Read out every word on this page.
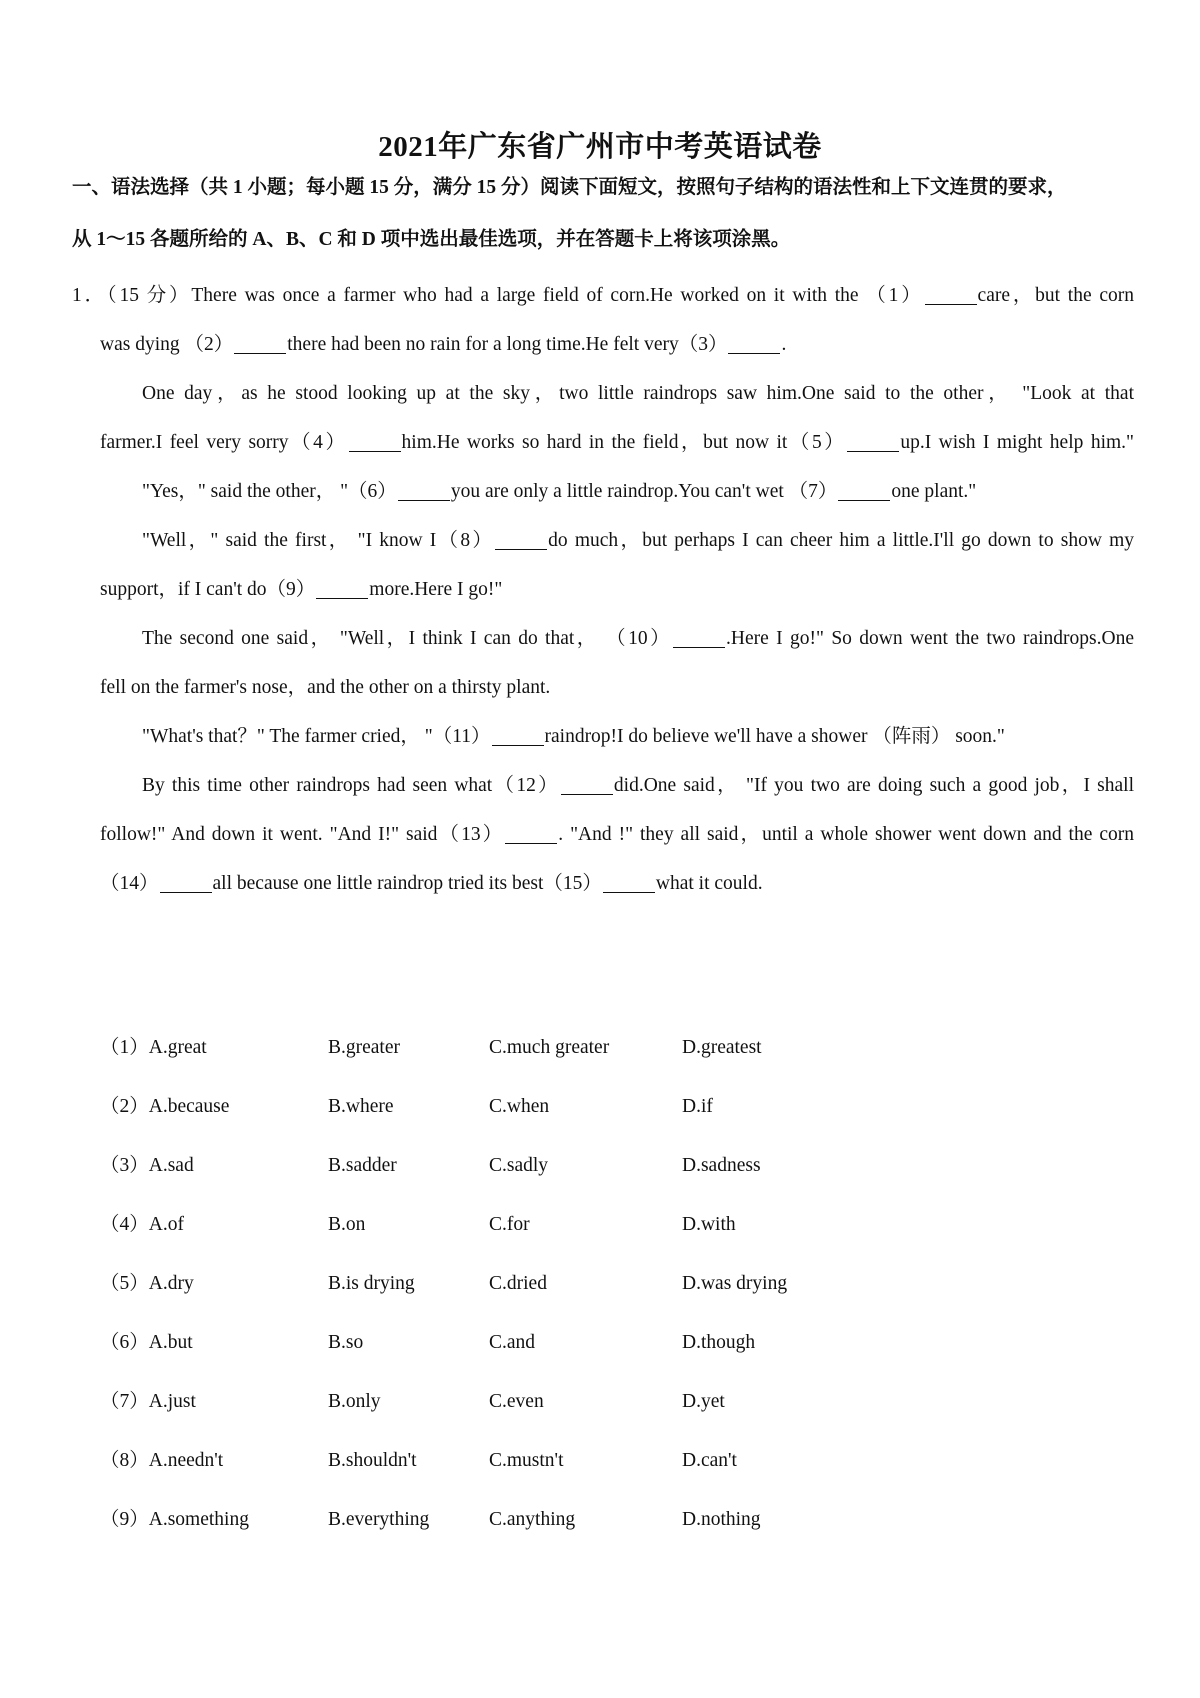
2021年广东省广州市中考英语试卷
一、语法选择（共 1 小题；每小题 15 分，满分 15 分）阅读下面短文，按照句子结构的语法性和上下文连贯的要求，
从 1～15 各题所给的 A、B、C 和 D 项中选出最佳选项，并在答题卡上将该项涂黑。
1．（15 分）There was once a farmer who had a large field of corn.He worked on it with the （1）	care，but the corn
was dying （2）	there had been no rain for a long time.He felt very（3）	.
One day，as he stood looking up at the sky，two little raindrops saw him.One said to the other， "Look at that
farmer.I feel very sorry（4）	him.He works so hard in the field，but now it（5）	up.I wish I might help him."
"Yes，" said the other， "（6）	you are only a little raindrop.You can't wet （7）	one plant."
"Well，" said the first， "I know I（8）	do much，but perhaps I can cheer him a little.I'll go down to show my
support，if I can't do（9）	more.Here I go!"
The second one said， "Well，I think I can do that， （10）	.Here I go!" So down went the two raindrops.One
fell on the farmer's nose，and the other on a thirsty plant.
"What's that？" The farmer cried， "（11）	raindrop!I do believe we'll have a shower （阵雨） soon."
By this time other raindrops had seen what（12）	did.One said， "If you two are doing such a good job，I shall
follow!" And down it went. "And I!" said（13）	. "And !" they all said，until a whole shower went down and the corn
（14）	all because one little raindrop tried its best（15）	what it could.
（1）A.great	B.greater	C.much greater	D.greatest
（2）A.because	B.where	C.when	D.if
（3）A.sad	B.sadder	C.sadly	D.sadness
（4）A.of	B.on	C.for	D.with
（5）A.dry	B.is drying	C.dried	D.was drying
（6）A.but	B.so	C.and	D.though
（7）A.just	B.only	C.even	D.yet
（8）A.needn't	B.shouldn't	C.mustn't	D.can't
（9）A.something	B.everything	C.anything	D.nothing
